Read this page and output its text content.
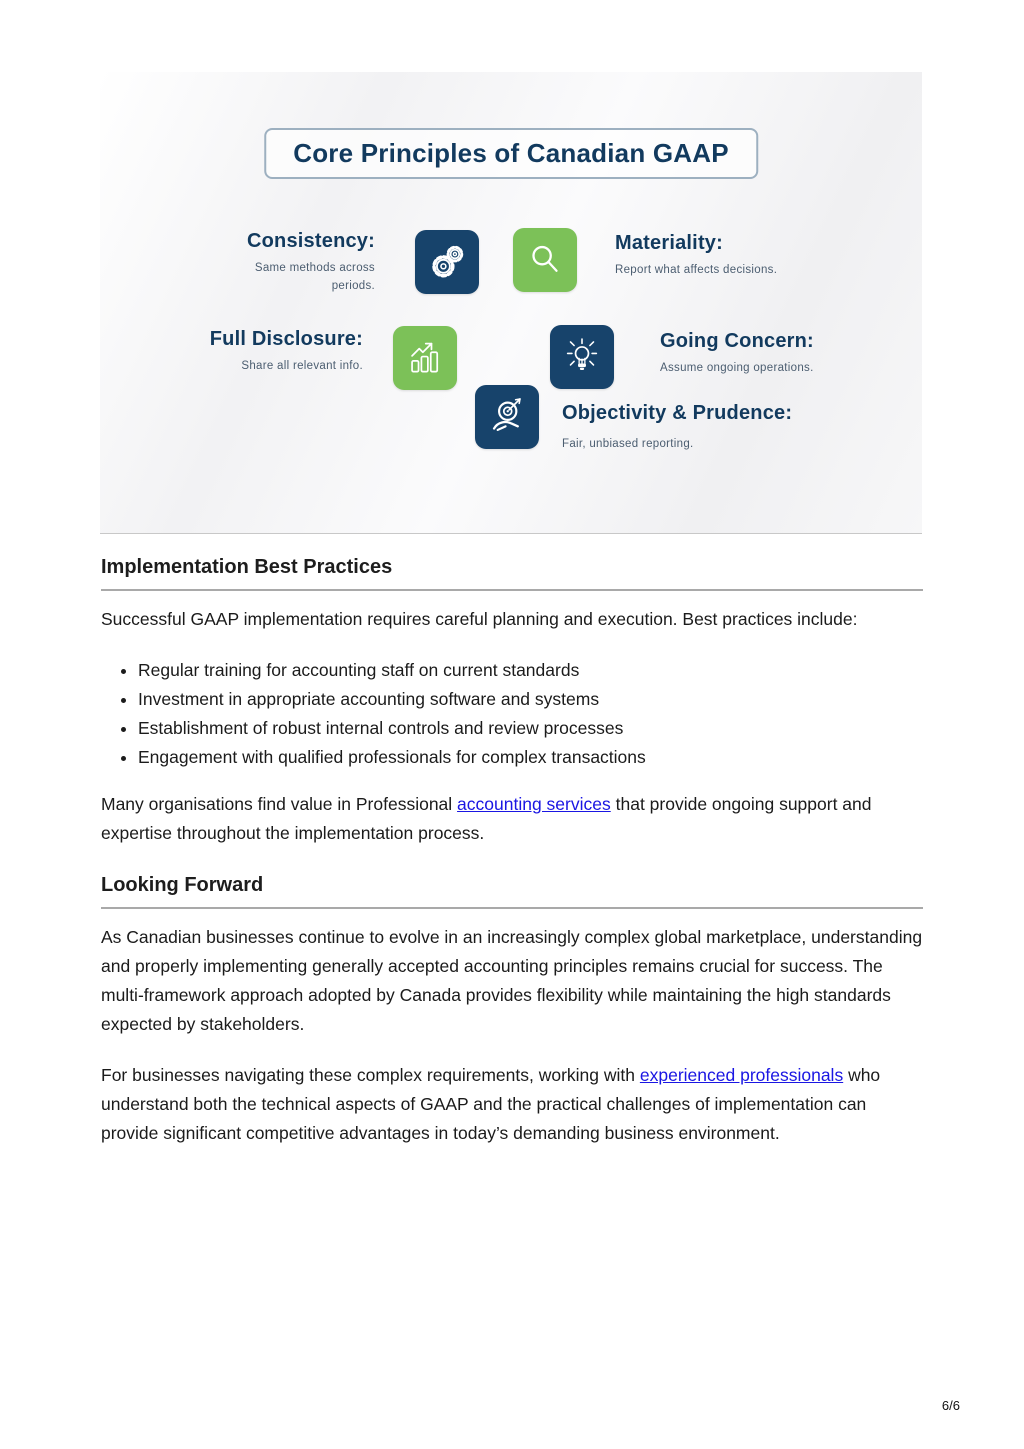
Core Principles of Canadian GAAP
Consistency:
Same methods across periods.
Materiality:
Report what affects decisions.
Full Disclosure:
Share all relevant info.
Going Concern:
Assume ongoing operations.
Objectivity & Prudence:
Fair, unbiased reporting.
Implementation Best Practices

Successful GAAP implementation requires careful planning and execution. Best practices include:

• Regular training for accounting staff on current standards
• Investment in appropriate accounting software and systems
• Establishment of robust internal controls and review processes
• Engagement with qualified professionals for complex transactions

Many organisations find value in Professional accounting services that provide ongoing support and expertise throughout the implementation process.

Looking Forward

As Canadian businesses continue to evolve in an increasingly complex global marketplace, understanding and properly implementing generally accepted accounting principles remains crucial for success. The multi-framework approach adopted by Canada provides flexibility while maintaining the high standards expected by stakeholders.

For businesses navigating these complex requirements, working with experienced professionals who understand both the technical aspects of GAAP and the practical challenges of implementation can provide significant competitive advantages in today’s demanding business environment.

6/6
